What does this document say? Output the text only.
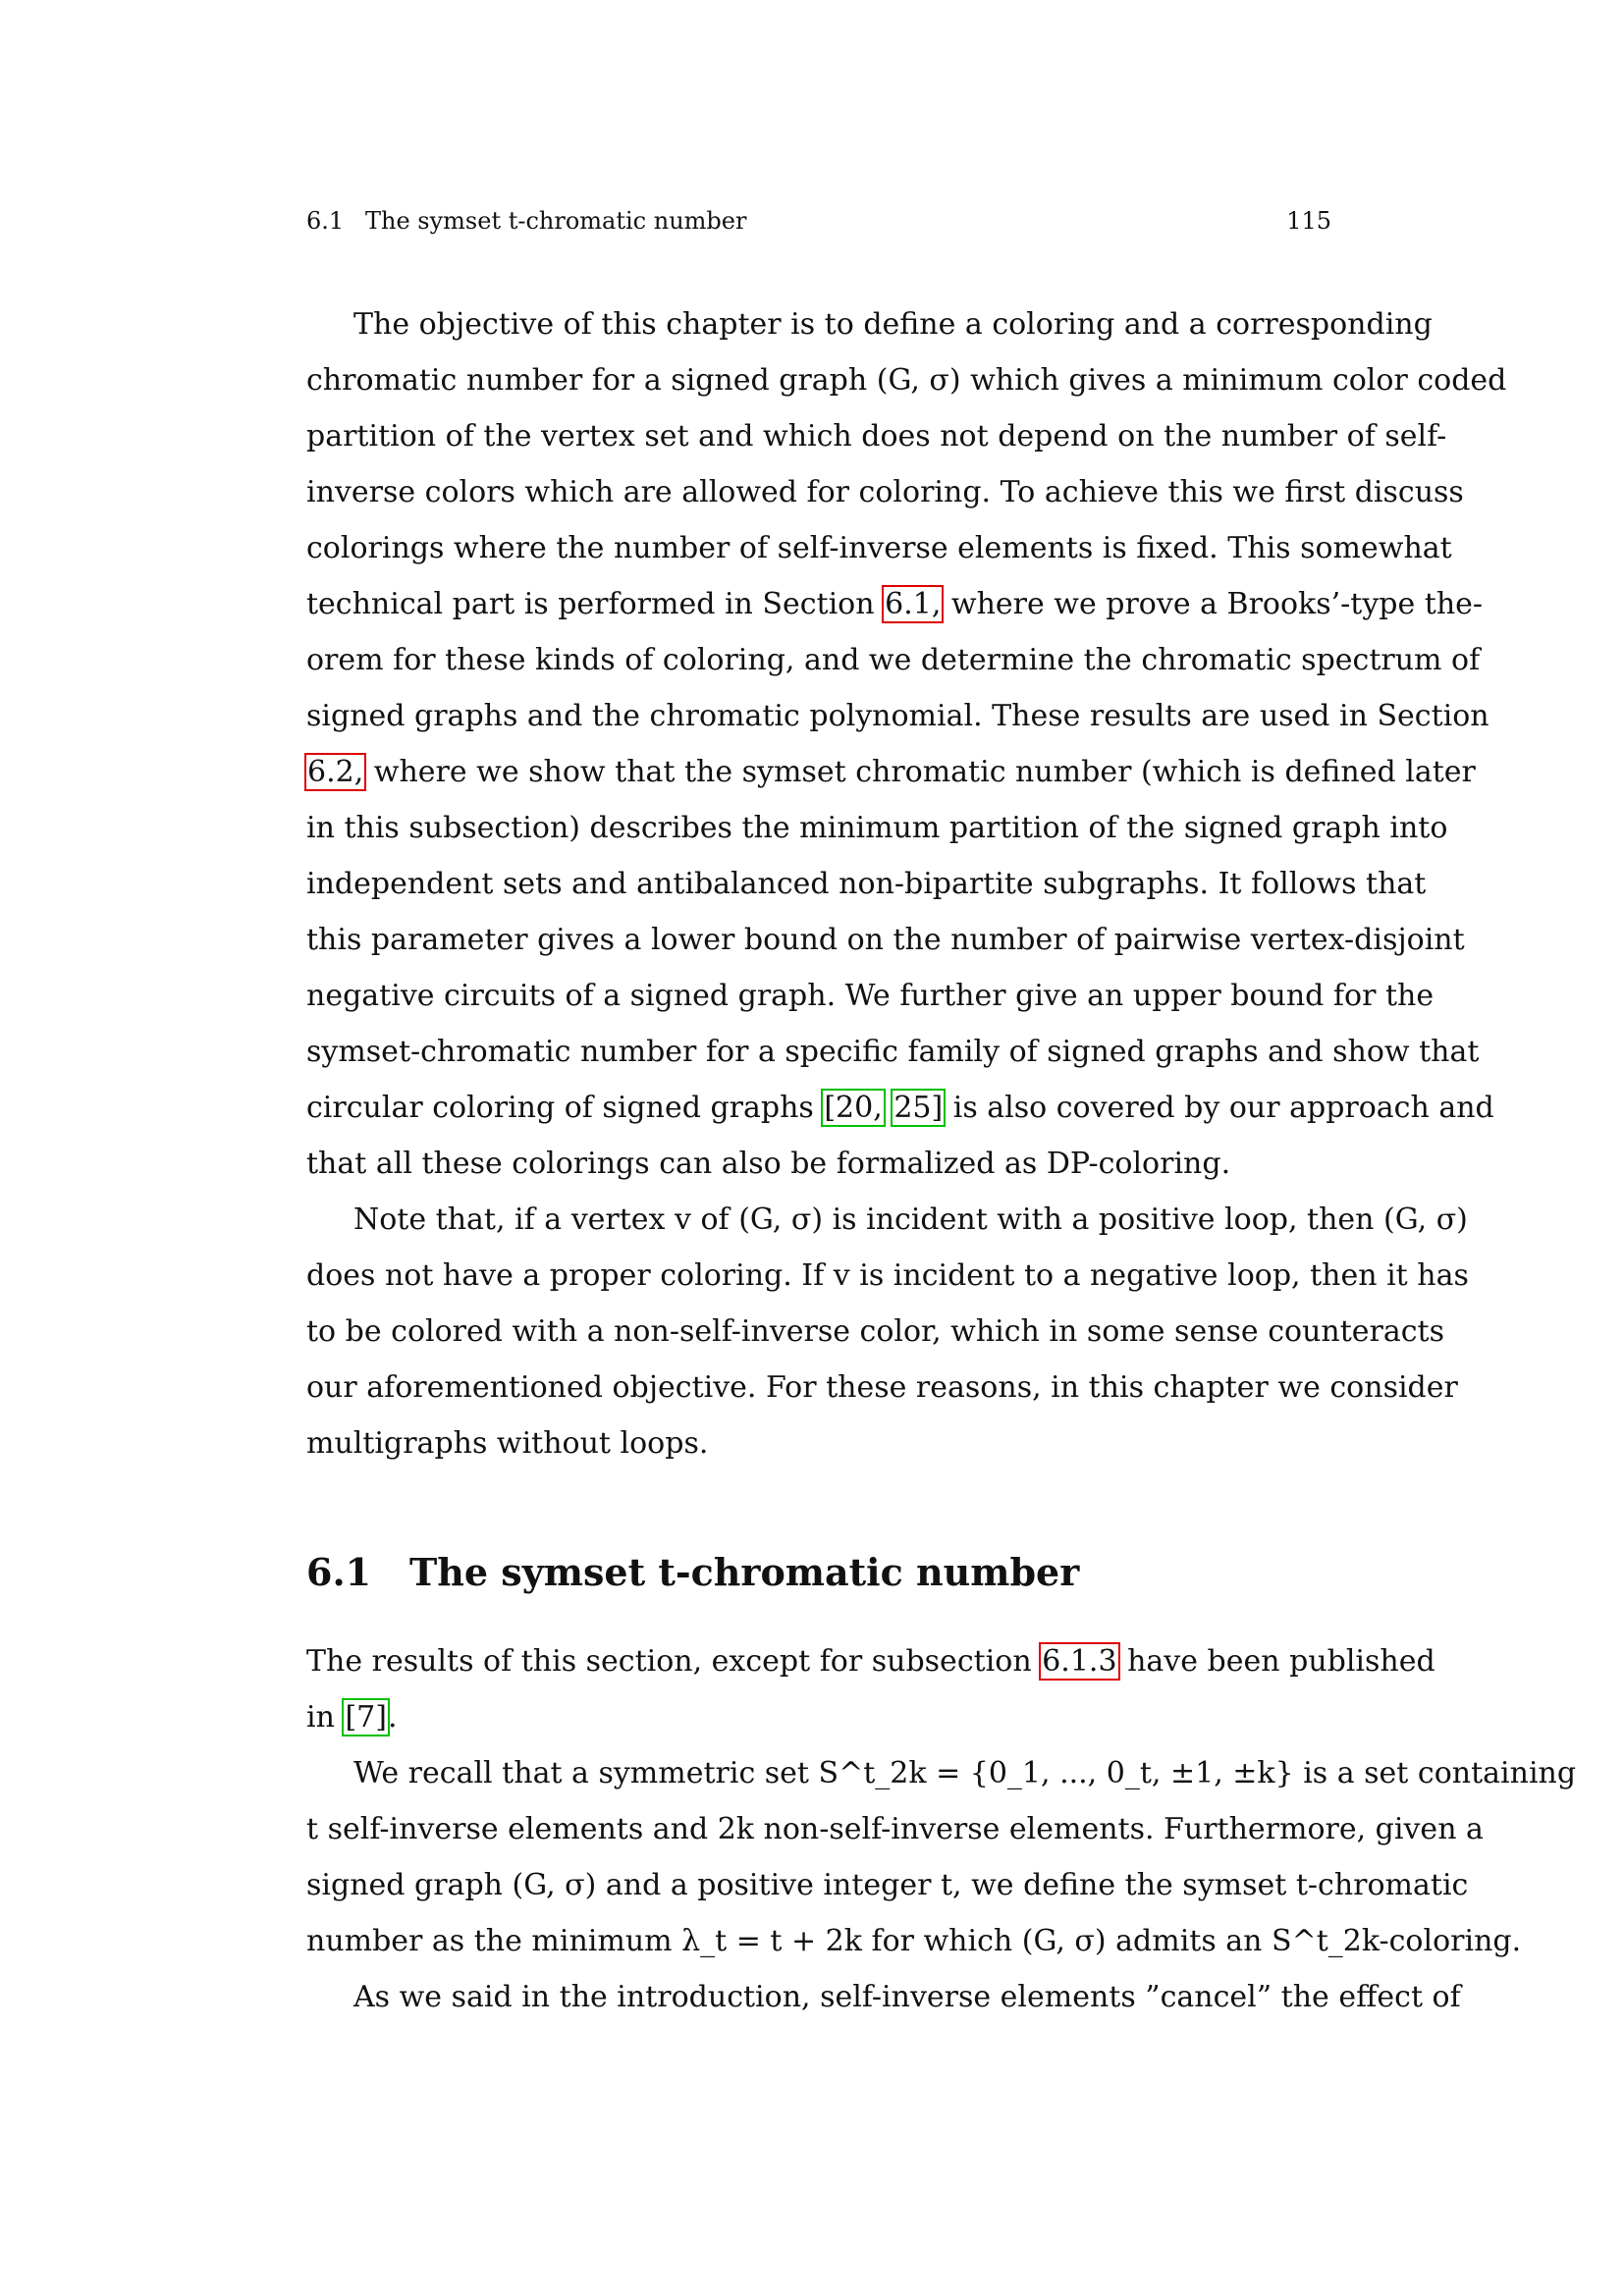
6.1 The symset t-chromatic number	115
The objective of this chapter is to define a coloring and a corresponding
chromatic number for a signed graph (G, σ) which gives a minimum color coded
partition of the vertex set and which does not depend on the number of self-
inverse colors which are allowed for coloring. To achieve this we first discuss
colorings where the number of self-inverse elements is fixed. This somewhat
technical part is performed in Section 6.1, where we prove a Brooks’-type the-
orem for these kinds of coloring, and we determine the chromatic spectrum of
signed graphs and the chromatic polynomial. These results are used in Section
6.2, where we show that the symset chromatic number (which is defined later
in this subsection) describes the minimum partition of the signed graph into
independent sets and antibalanced non-bipartite subgraphs. It follows that
this parameter gives a lower bound on the number of pairwise vertex-disjoint
negative circuits of a signed graph. We further give an upper bound for the
symset-chromatic number for a specific family of signed graphs and show that
circular coloring of signed graphs [20, 25] is also covered by our approach and
that all these colorings can also be formalized as DP-coloring.
Note that, if a vertex v of (G, σ) is incident with a positive loop, then (G, σ)
does not have a proper coloring. If v is incident to a negative loop, then it has
to be colored with a non-self-inverse color, which in some sense counteracts
our aforementioned objective. For these reasons, in this chapter we consider
multigraphs without loops.
6.1 The symset t-chromatic number
The results of this section, except for subsection 6.1.3 have been published
in [7].
We recall that a symmetric set S^t_2k = {0_1, ..., 0_t, ±1, ±k} is a set containing
t self-inverse elements and 2k non-self-inverse elements. Furthermore, given a
signed graph (G, σ) and a positive integer t, we define the symset t-chromatic
number as the minimum λ_t = t + 2k for which (G, σ) admits an S^t_2k-coloring.
As we said in the introduction, self-inverse elements ”cancel” the effect of
